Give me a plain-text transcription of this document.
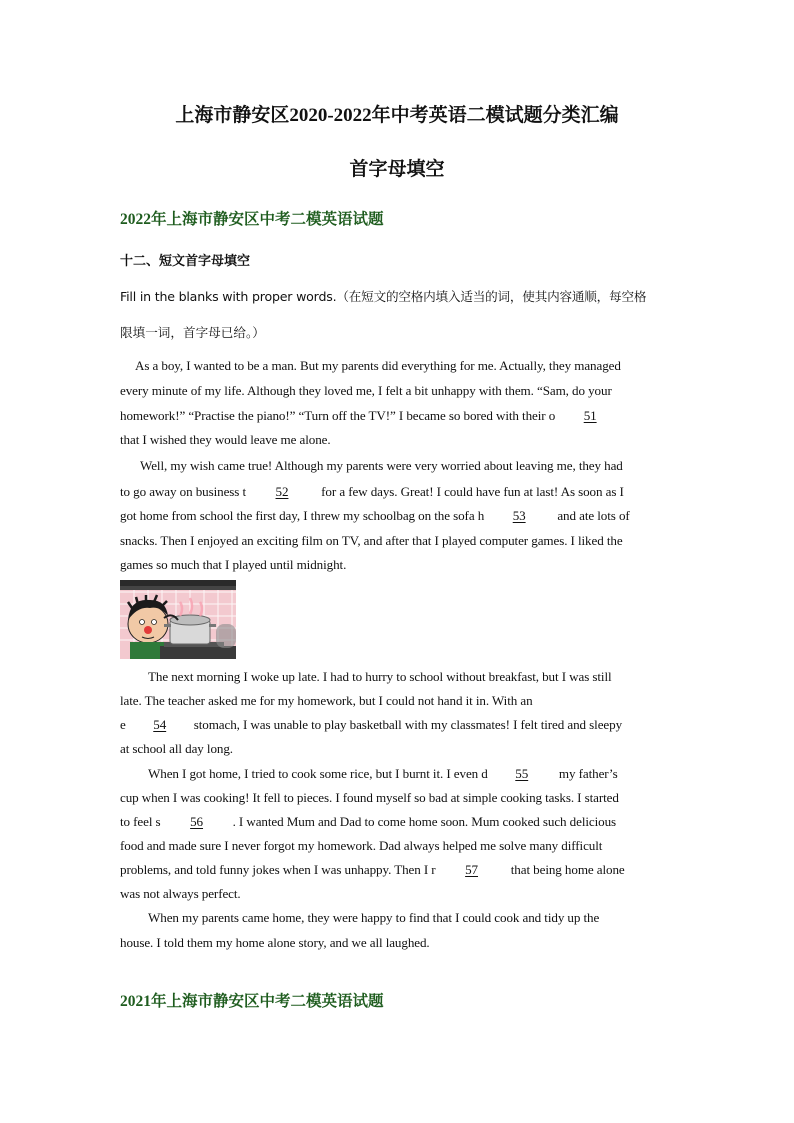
上海市静安区2020-2022年中考英语二模试题分类汇编
首字母填空
2022年上海市静安区中考二模英语试题
十二、短文首字母填空
Fill in the blanks with proper words.（在短文的空格内填入适当的词，使其内容通顺，每空格
限填一词，首字母已给。）
As a boy, I wanted to be a man. But my parents did everything for me. Actually, they managed
every minute of my life. Although they loved me, I felt a bit unhappy with them. “Sam, do your
homework!” “Practise the piano!” “Turn off the TV!” I became so bored with their o 51
that I wished they would leave me alone.
Well, my wish came true! Although my parents were very worried about leaving me, they had
to go away on business t 52 for a few days. Great! I could have fun at last! As soon as I
got home from school the first day, I threw my schoolbag on the sofa h 53 and ate lots of
snacks. Then I enjoyed an exciting film on TV, and after that I played computer games. I liked the
games so much that I played until midnight.
The next morning I woke up late. I had to hurry to school without breakfast, but I was still
late. The teacher asked me for my homework, but I could not hand it in. With an
e 54 stomach, I was unable to play basketball with my classmates! I felt tired and sleepy
at school all day long.
When I got home, I tried to cook some rice, but I burnt it. I even d 55 my father’s
cup when I was cooking! It fell to pieces. I found myself so bad at simple cooking tasks. I started
to feel s 56 . I wanted Mum and Dad to come home soon. Mum cooked such delicious
food and made sure I never forgot my homework. Dad always helped me solve many difficult
problems, and told funny jokes when I was unhappy. Then I r 57 that being home alone
was not always perfect.
When my parents came home, they were happy to find that I could cook and tidy up the
house. I told them my home alone story, and we all laughed.
2021年上海市静安区中考二模英语试题
